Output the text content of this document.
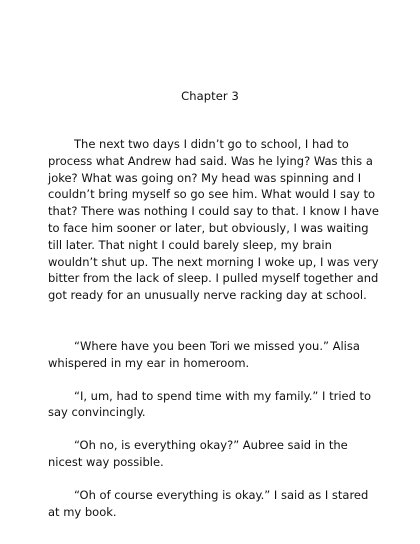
Chapter 3

The next two days I didn’t go to school, I had to process what Andrew had said. Was he lying? Was this a joke? What was going on? My head was spinning and I couldn’t bring myself so go see him. What would I say to that? There was nothing I could say to that. I know I have to face him sooner or later, but obviously, I was waiting till later. That night I could barely sleep, my brain wouldn’t shut up. The next morning I woke up, I was very bitter from the lack of sleep. I pulled myself together and got ready for an unusually nerve racking day at school.

“Where have you been Tori we missed you.” Alisa whispered in my ear in homeroom.

“I, um, had to spend time with my family.” I tried to say convincingly.

“Oh no, is everything okay?” Aubree said in the nicest way possible.

“Oh of course everything is okay.” I said as I stared at my book.
